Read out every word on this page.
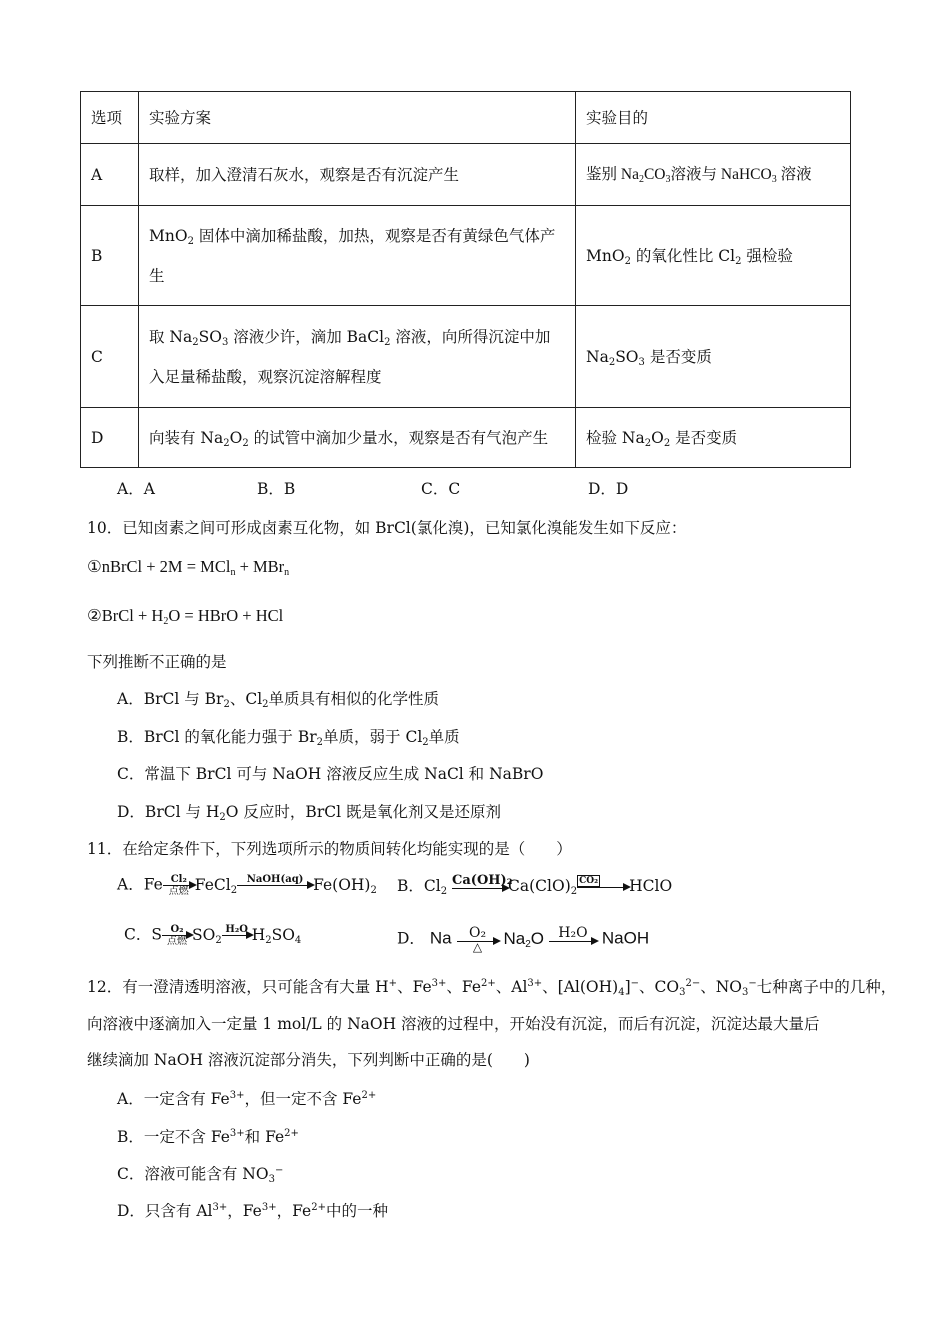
选项	实验方案	实验目的
A	取样，加入澄清石灰水，观察是否有沉淀产生	鉴别 $Na_2CO_3$溶液与 NaHCO$_3$ 溶液
B	MnO$_2$ 固体中滴加稀盐酸，加热，观察是否有黄绿色气体产生	MnO$_2$ 的氧化性比 $Cl_2$ 强检验
C	取 $Na_2SO_3$ 溶液少许，滴加 BaCl$_2$ 溶液，向所得沉淀中加入足量稀盐酸，观察沉淀溶解程度	$Na_2SO_3$ 是否变质
D	向装有 $Na_2O_2$ 的试管中滴加少量水，观察是否有气泡产生	检验 $Na_2O_2$ 是否变质
A．A	B．B	C．C	D．D
10．已知卤素之间可形成卤素互化物，如 BrCl(氯化溴)，已知氯化溴能发生如下反应：
①nBrCl + 2M = MCl$_n$ + MBr$_n$
②BrCl + $H_2O$ = HBrO + HCl
下列推断不正确的是
A．BrCl 与 $Br_2$、$Cl_2$单质具有相似的化学性质
B．BrCl 的氧化能力强于 $Br_2$单质，弱于 $Cl_2$单质
C．常温下 BrCl 可与 NaOH 溶液反应生成 NaCl 和 NaBrO
D．BrCl 与 $H_2O$ 反应时，BrCl 既是氧化剂又是还原剂
11．在给定条件下，下列选项所示的物质间转化均能实现的是（　　）
A．Fe Cl₂
点燃 FeCl$_2$
NaOH(aq)
$Fe(OH)_2$ B．$Cl_2$
Ca(OH)₂

$Ca(ClO)_2$
CO₂
	HClO
C．S O₂
点燃 $SO_2$
H₂O
$H_2SO_4$	D． Na	O₂
△	$Na_2O$	H₂O
NaOH
12．有一澄清透明溶液，只可能含有大量 H+、$Fe^{3+}$、$Fe^{2+}$、$Al^{3+}$、$[Al(OH)_4]^-$、$CO_3^{2-}$、$NO_3^-$七种离子中的几种，
向溶液中逐滴加入一定量 1 mol/L 的 NaOH 溶液的过程中，开始没有沉淀，而后有沉淀，沉淀达最大量后
继续滴加 NaOH 溶液沉淀部分消失，下列判断中正确的是(　　)
A．一定含有 $Fe^{3+}$，但一定不含 $Fe^{2+}$
B．一定不含 $Fe^{3+}$和 $Fe^{2+}$
C．溶液可能含有 $NO_3^-$
D．只含有 $Al^{3+}$，$Fe^{3+}$，$Fe^{2+}$中的一种
